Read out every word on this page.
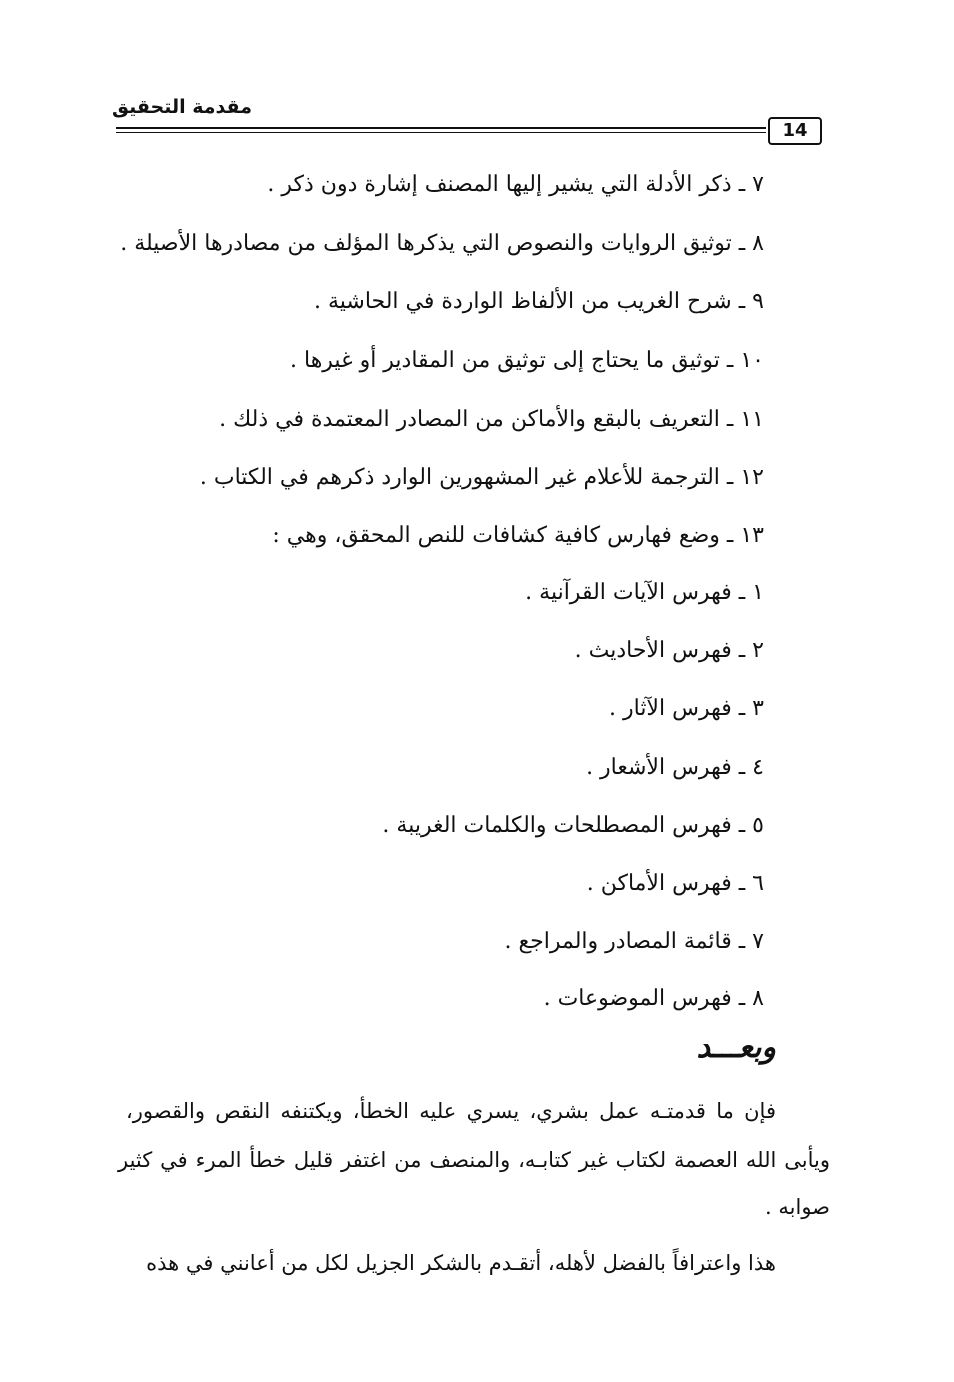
مقدمة التحقيق
14
٧ ـ ذكر الأدلة التي يشير إليها المصنف إشارة دون ذكر .
٨ ـ توثيق الروايات والنصوص التي يذكرها المؤلف من مصادرها الأصيلة .
٩ ـ شرح الغريب من الألفاظ الواردة في الحاشية .
١٠ ـ توثيق ما يحتاج إلى توثيق من المقادير أو غيرها .
١١ ـ التعريف بالبقع والأماكن من المصادر المعتمدة في ذلك .
١٢ ـ الترجمة للأعلام غير المشهورين الوارد ذكرهم في الكتاب .
١٣ ـ وضع فهارس كافية كشافات للنص المحقق، وهي :
١ ـ فهرس الآيات القرآنية .
٢ ـ فهرس الأحاديث .
٣ ـ فهرس الآثار .
٤ ـ فهرس الأشعار .
٥ ـ فهرس المصطلحات والكلمات الغريبة .
٦ ـ فهرس الأماكن .
٧ ـ قائمة المصادر والمراجع .
٨ ـ فهرس الموضوعات .
وبعـــد
فإن ما قدمتـه عمل بشري، يسري عليه الخطأ، ويكتنفه النقص والقصور،
ويأبى الله العصمة لكتاب غير كتابـه، والمنصف من اغتفر قليل خطأ المرء في كثير
صوابه .
هذا واعترافاً بالفضل لأهله، أتقـدم بالشكر الجزيل لكل من أعانني في هذه
